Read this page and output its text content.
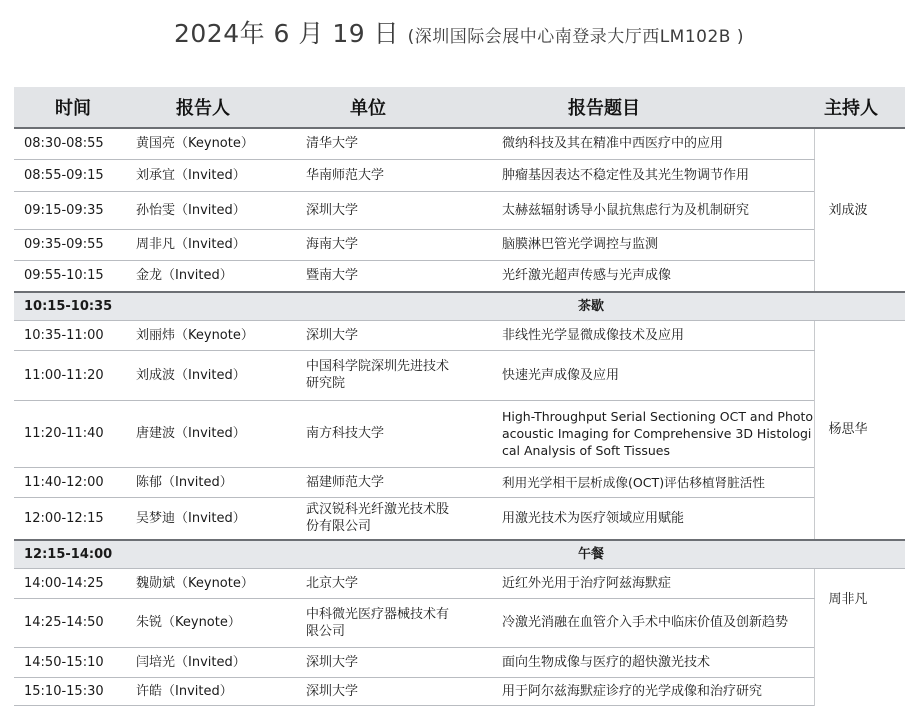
2024年 6 月 19 日 (深圳国际会展中心南登录大厅西LM102B )
时间	报告人	单位	报告题目	主持人
08:30-08:55	黄国亮（Keynote）	清华大学	微纳科技及其在精准中西医疗中的应用	刘成波
08:55-09:15	刘承宜（Invited）	华南师范大学	肿瘤基因表达不稳定性及其光生物调节作用	
09:15-09:35	孙怡雯（Invited）	深圳大学	太赫兹辐射诱导小鼠抗焦虑行为及机制研究	
09:35-09:55	周非凡（Invited）	海南大学	脑膜淋巴管光学调控与监测	
09:55-10:15	金龙（Invited）	暨南大学	光纤激光超声传感与光声成像	
10:15-10:35	茶歇			
10:35-11:00	刘丽炜（Keynote）	深圳大学	非线性光学显微成像技术及应用	杨思华
11:00-11:20	刘成波（Invited）	中国科学院深圳先进技术研究院	快速光声成像及应用	
11:20-11:40	唐建波（Invited）	南方科技大学	High-Throughput Serial Sectioning OCT and Photoacoustic Imaging for Comprehensive 3D Histological Analysis of Soft Tissues	
11:40-12:00	陈郁（Invited）	福建师范大学	利用光学相干层析成像(OCT)评估移植肾脏活性	
12:00-12:15	吴梦迪（Invited）	武汉锐科光纤激光技术股份有限公司	用激光技术为医疗领域应用赋能	
12:15-14:00	午餐			
14:00-14:25	魏勋斌（Keynote）	北京大学	近红外光用于治疗阿兹海默症	周非凡
14:25-14:50	朱锐（Keynote）	中科微光医疗器械技术有限公司	冷激光消融在血管介入手术中临床价值及创新趋势	
14:50-15:10	闫培光（Invited）	深圳大学	面向生物成像与医疗的超快激光技术	
15:10-15:30	许皓（Invited）	深圳大学	用于阿尔兹海默症诊疗的光学成像和治疗研究	
